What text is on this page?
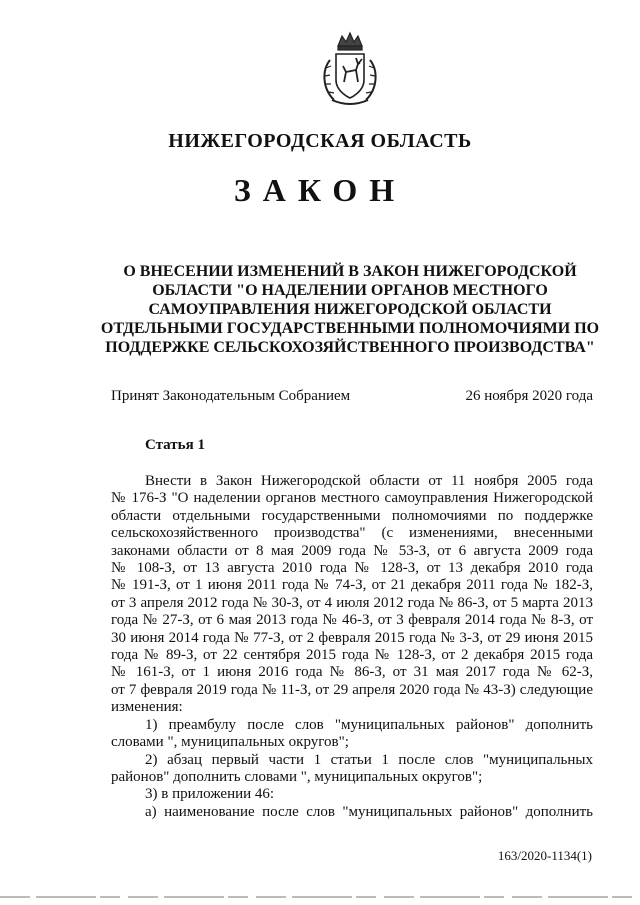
НИЖЕГОРОДСКАЯ ОБЛАСТЬ
ЗАКОН
О ВНЕСЕНИИ ИЗМЕНЕНИЙ В ЗАКОН НИЖЕГОРОДСКОЙ
ОБЛАСТИ "О НАДЕЛЕНИИ ОРГАНОВ МЕСТНОГО
САМОУПРАВЛЕНИЯ НИЖЕГОРОДСКОЙ ОБЛАСТИ
ОТДЕЛЬНЫМИ ГОСУДАРСТВЕННЫМИ ПОЛНОМОЧИЯМИ ПО
ПОДДЕРЖКЕ СЕЛЬСКОХОЗЯЙСТВЕННОГО ПРОИЗВОДСТВА"
Принят Законодательным Собранием	26 ноября 2020 года
Статья 1
Внести в Закон Нижегородской области от 11 ноября 2005 года
№ 176-З "О наделении органов местного самоуправления Нижегородской
области отдельными государственными полномочиями по поддержке
сельскохозяйственного производства" (с изменениями, внесенными
законами области от 8 мая 2009 года № 53-З, от 6 августа 2009 года
№ 108-З, от 13 августа 2010 года № 128-З, от 13 декабря 2010 года
№ 191-З, от 1 июня 2011 года № 74-З, от 21 декабря 2011 года № 182-З,
от 3 апреля 2012 года № 30-З, от 4 июля 2012 года № 86-З, от 5 марта 2013
года № 27-З, от 6 мая 2013 года № 46-З, от 3 февраля 2014 года № 8-З, от
30 июня 2014 года № 77-З, от 2 февраля 2015 года № 3-З, от 29 июня 2015
года № 89-З, от 22 сентября 2015 года № 128-З, от 2 декабря 2015 года
№ 161-З, от 1 июня 2016 года № 86-З, от 31 мая 2017 года № 62-З,
от 7 февраля 2019 года № 11-З, от 29 апреля 2020 года № 43-З) следующие
изменения:
1) преамбулу после слов "муниципальных районов" дополнить
словами ", муниципальных округов";
2) абзац первый части 1 статьи 1 после слов "муниципальных
районов" дополнить словами ", муниципальных округов";
3) в приложении 46:
а) наименование после слов "муниципальных районов" дополнить
163/2020-1134(1)
